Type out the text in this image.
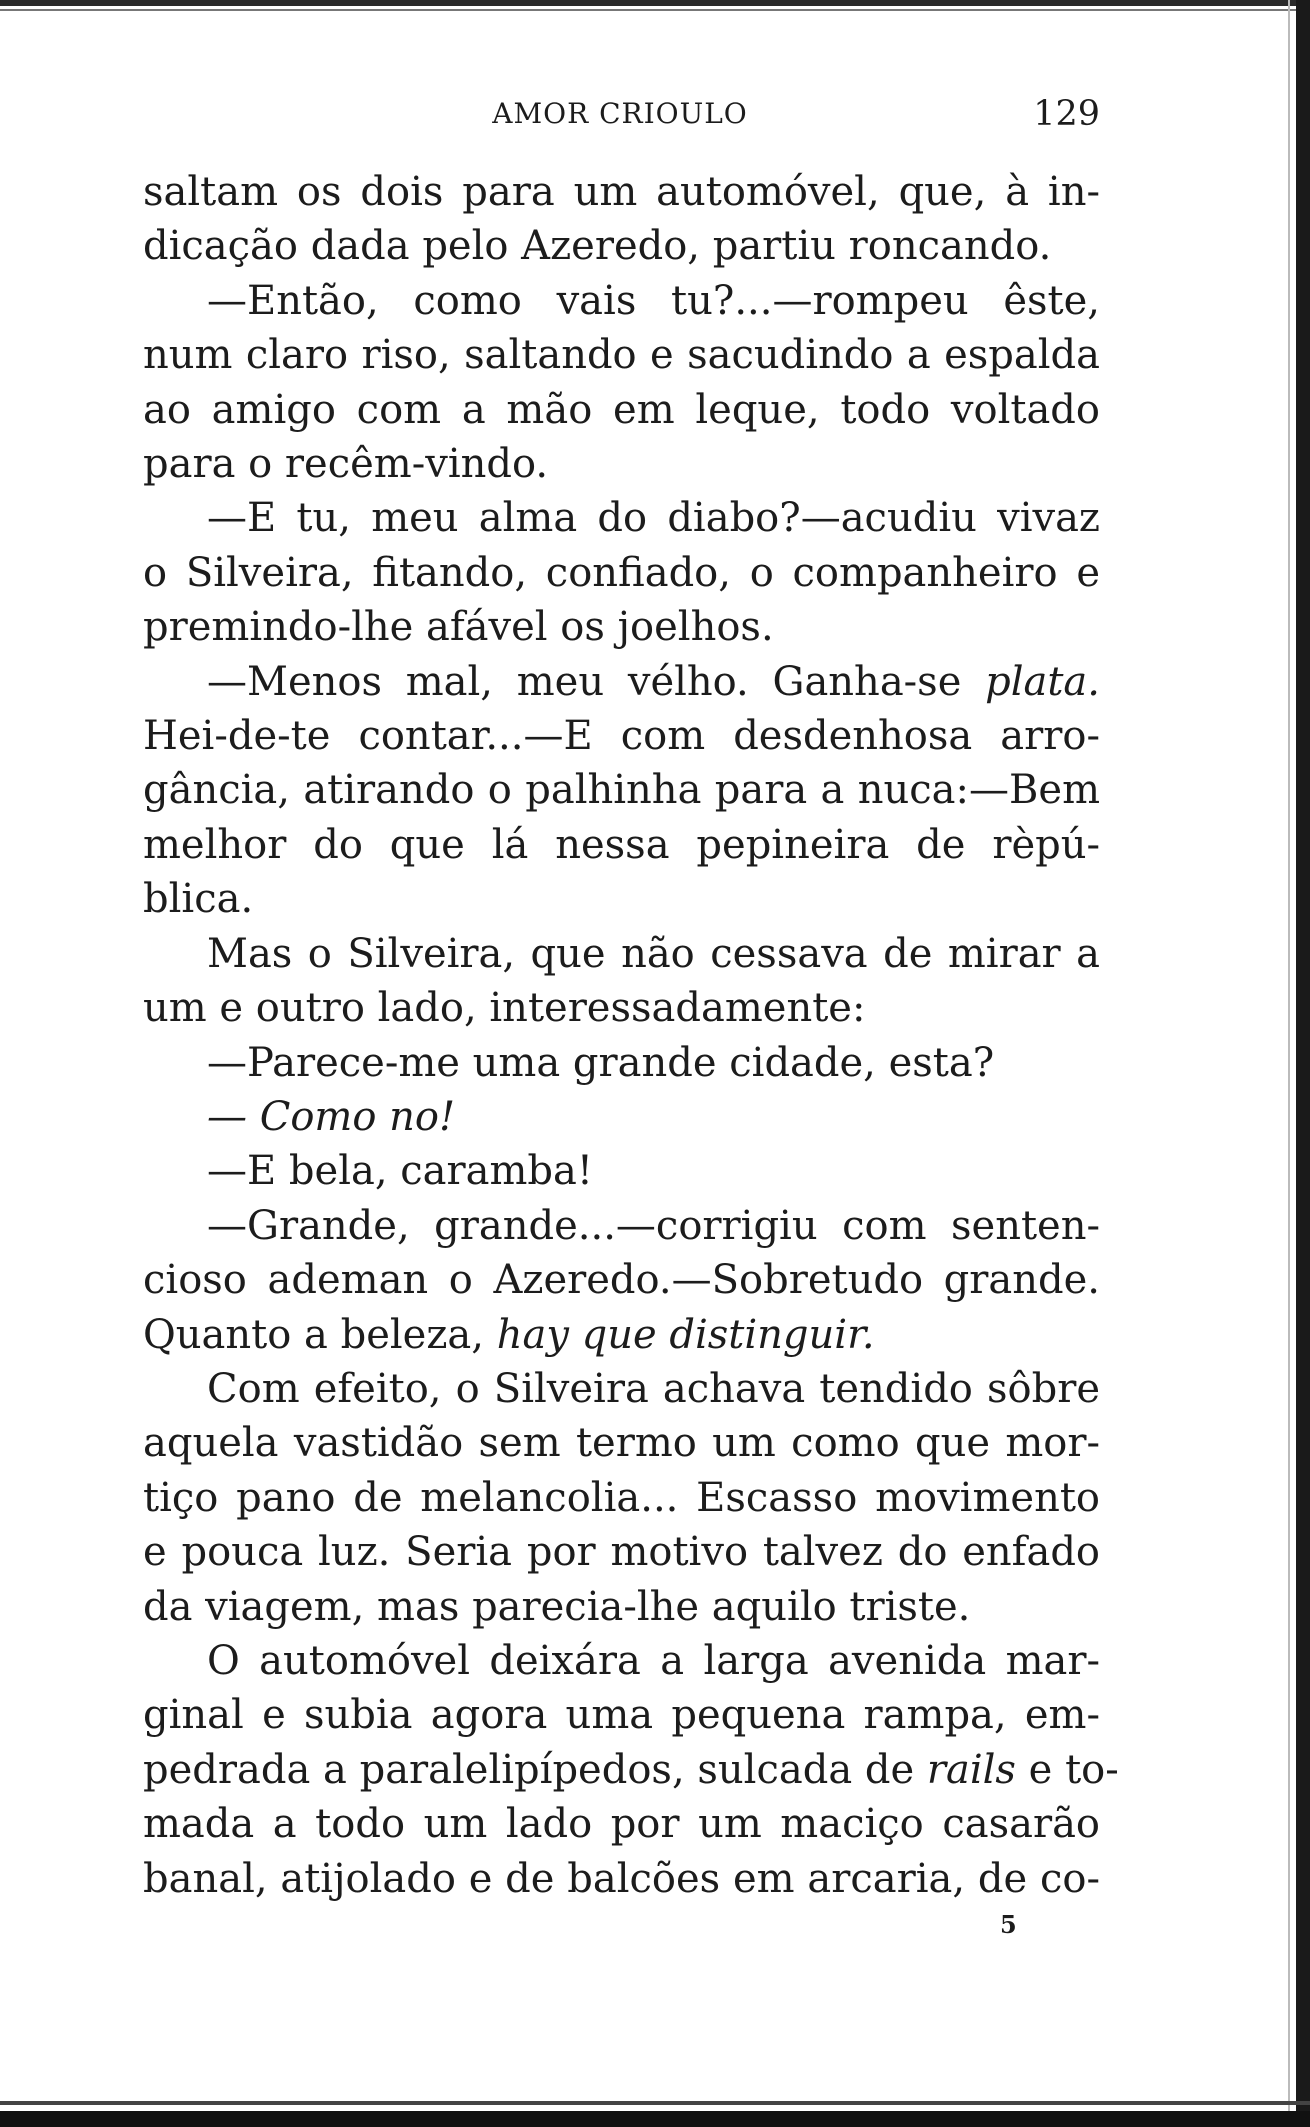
AMOR CRIOULO	129
saltam os dois para um automóvel, que, à in-
dicação dada pelo Azeredo, partiu roncando.
—Então, como vais tu?...—rompeu êste,
num claro riso, saltando e sacudindo a espalda
ao amigo com a mão em leque, todo voltado
para o recêm-vindo.
—E tu, meu alma do diabo?—acudiu vivaz
o Silveira, fitando, confiado, o companheiro e
premindo-lhe afável os joelhos.
—Menos mal, meu vélho. Ganha-se plata.
Hei-de-te contar...—E com desdenhosa arro-
gância, atirando o palhinha para a nuca:—Bem
melhor do que lá nessa pepineira de rèpú-
blica.
Mas o Silveira, que não cessava de mirar a
um e outro lado, interessadamente:
—Parece-me uma grande cidade, esta?
— Como no!
—E bela, caramba!
—Grande, grande...—corrigiu com senten-
cioso ademan o Azeredo.—Sobretudo grande.
Quanto a beleza, hay que distinguir.
Com efeito, o Silveira achava tendido sôbre
aquela vastidão sem termo um como que mor-
tiço pano de melancolia... Escasso movimento
e pouca luz. Seria por motivo talvez do enfado
da viagem, mas parecia-lhe aquilo triste.
O automóvel deixára a larga avenida mar-
ginal e subia agora uma pequena rampa, em-
pedrada a paralelipípedos, sulcada de rails e to-
mada a todo um lado por um maciço casarão
banal, atijolado e de balcões em arcaria, de co-
5
